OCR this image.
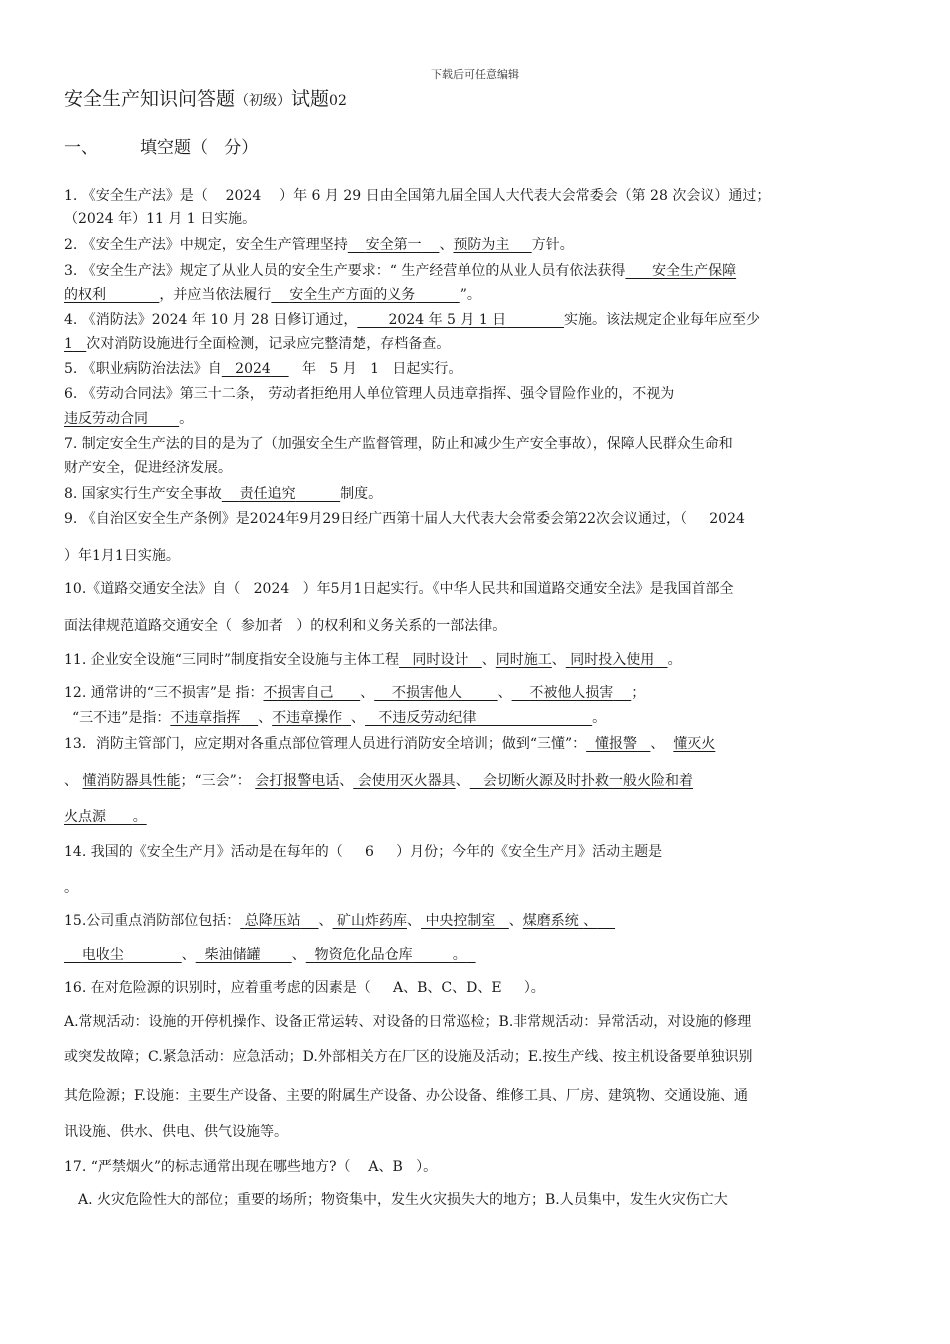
下载后可任意编辑
安全生产知识问答题（初级）试题02
一、 填空题（ 分）
1. 《安全生产法》是（ 2024 ）年 6 月 29 日由全国第九届全国人大代表大会常委会（第 28 次会议）通过；
（2024 年）11 月 1 日实施。
2. 《安全生产法》中规定，安全生产管理坚持 安全第一 、预防为主 方针。
3. 《安全生产法》规定了从业人员的安全生产要求：“ 生产经营单位的从业人员有依法获得 安全生产保障
的权利	，并应当依法履行 安全生产方面的义务	”。
4. 《消防法》2024 年 10 月 28 日修订通过， 2024 年 5 月 1 日	实施。该法规定企业每年应至少
1 次对消防设施进行全面检测，记录应完整清楚，存档备查。
5. 《职业病防治法法》自 2024 年 5 月 1 日起实行。
6. 《劳动合同法》第三十二条， 劳动者拒绝用人单位管理人员违章指挥、强令冒险作业的，不视为
违反劳动合同 。
7. 制定安全生产法的目的是为了（加强安全生产监督管理，防止和减少生产安全事故），保障人民群众生命和
财产安全，促进经济发展。
8. 国家实行生产安全事故 责任追究	制度。
9. 《自治区安全生产条例》是2024年9月29日经广西第十届人大代表大会常委会第22次会议通过，（ 2024
）年1月1日实施。
10.《道路交通安全法》自（ 2024 ）年5月1日起实行。《中华人民共和国道路交通安全法》是我国首部全
面法律规范道路交通安全（ 参加者 ）的权利和义务关系的一部法律。
11. 企业安全设施“三同时”制度指安全设施与主体工程 同时设计 、同时施工、 同时投入使用 。
12. 通常讲的“三不损害”是 指：不损害自己 、 不损害他人	、 不被他人损害 ；
“三不违”是指：不违章指挥 、不违章操作 、 不违反劳动纪律	。
13．消防主管部门，应定期对各重点部位管理人员进行消防安全培训；做到“三懂”： 懂报警 、 懂灭火
、 懂消防器具性能；“三会”： 会打报警电话、 会使用灭火器具、 会切断火源及时扑救一般火险和着
火点源 。
14. 我国的《安全生产月》活动是在每年的（ 6 ）月份；今年的《安全生产月》活动主题是
。
15.公司重点消防部位包括： 总降压站 、 矿山炸药库、 中央控制室 、煤磨系统 、
电收尘	、 柴油储罐 、 物资危化品仓库	。
16. 在对危险源的识别时，应着重考虑的因素是（ A、B、C、D、E ）。
A.常规活动：设施的开停机操作、设备正常运转、对设备的日常巡检；B.非常规活动：异常活动，对设施的修理
或突发故障；C.紧急活动：应急活动；D.外部相关方在厂区的设施及活动；E.按生产线、按主机设备要单独识别
其危险源；F.设施：主要生产设备、主要的附属生产设备、办公设备、维修工具、厂房、建筑物、交通设施、通
讯设施、供水、供电、供气设施等。
17. “严禁烟火”的标志通常出现在哪些地方?（ A、B ）。
A. 火灾危险性大的部位；重要的场所；物资集中，发生火灾损失大的地方；B.人员集中，发生火灾伤亡大
